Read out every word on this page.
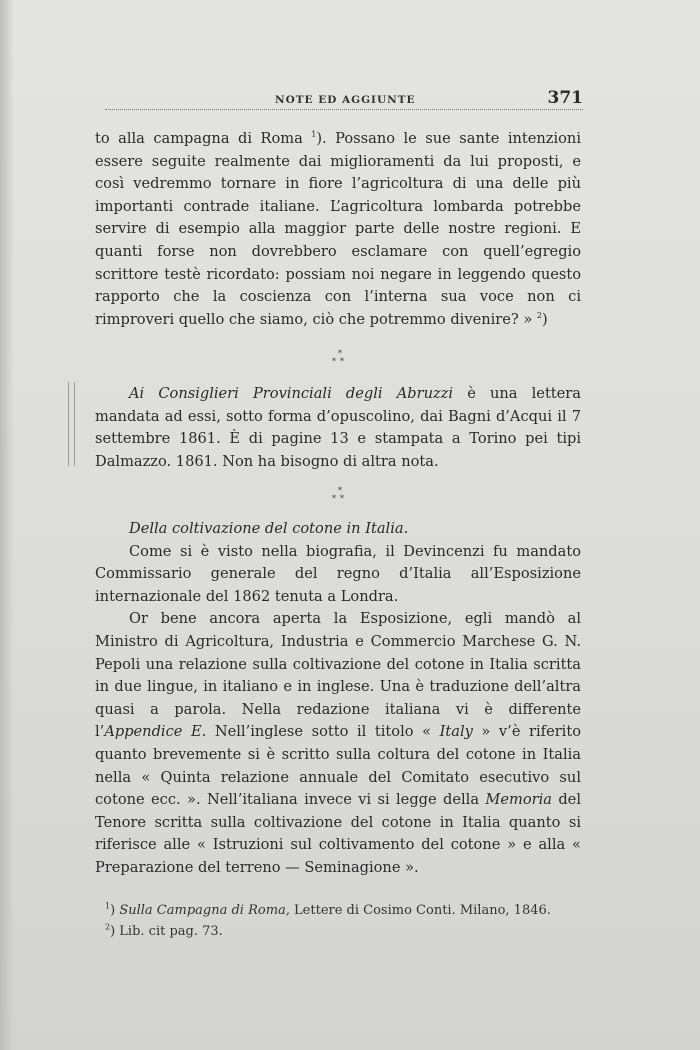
NOTE ED AGGIUNTE	371

to alla campagna di Roma $^1$). Possano le sue sante intenzioni essere seguite realmente dai miglioramenti da lui proposti, e così vedremmo tornare in fiore l’agricoltura di una delle più importanti contrade italiane. L’agricoltura lombarda potrebbe servire di esempio alla maggior parte delle nostre regioni. E quanti forse non dovrebbero esclamare con quell’egregio scrittore testè ricordato: possiam noi negare in leggendo questo rapporto che la coscienza con l’interna sua voce non ci rimproveri quello che siamo, ciò che potremmo divenire? » $^2$)

*
**

Ai Consiglieri Provinciali degli Abruzzi è una lettera mandata ad essi, sotto forma d’opuscolino, dai Bagni d’Acqui il 7 settembre 1861. È di pagine 13 e stampata a Torino pei tipi Dalmazzo. 1861. Non ha bisogno di altra nota.

*
**

Della coltivazione del cotone in Italia.

Come si è visto nella biografia, il Devincenzi fu mandato Commissario generale del regno d’Italia all’Esposizione internazionale del 1862 tenuta a Londra.

Or bene ancora aperta la Esposizione, egli mandò al Ministro di Agricoltura, Industria e Commercio Marchese G. N. Pepoli una relazione sulla coltivazione del cotone in Italia scritta in due lingue, in italiano e in inglese. Una è traduzione dell’altra quasi a parola. Nella redazione italiana vi è differente l’Appendice E. Nell’inglese sotto il titolo « Italy » v’è riferito quanto brevemente si è scritto sulla coltura del cotone in Italia nella « Quinta relazione annuale del Comitato esecutivo sul cotone ecc. ». Nell’italiana invece vi si legge della Memoria del Tenore scritta sulla coltivazione del cotone in Italia quanto si riferisce alle « Istruzioni sul coltivamento del cotone » e alla « Preparazione del terreno — Seminagione ».

$^1$) Sulla Campagna di Roma, Lettere di Cosimo Conti. Milano, 1846.

$^2$) Lib. cit pag. 73.
